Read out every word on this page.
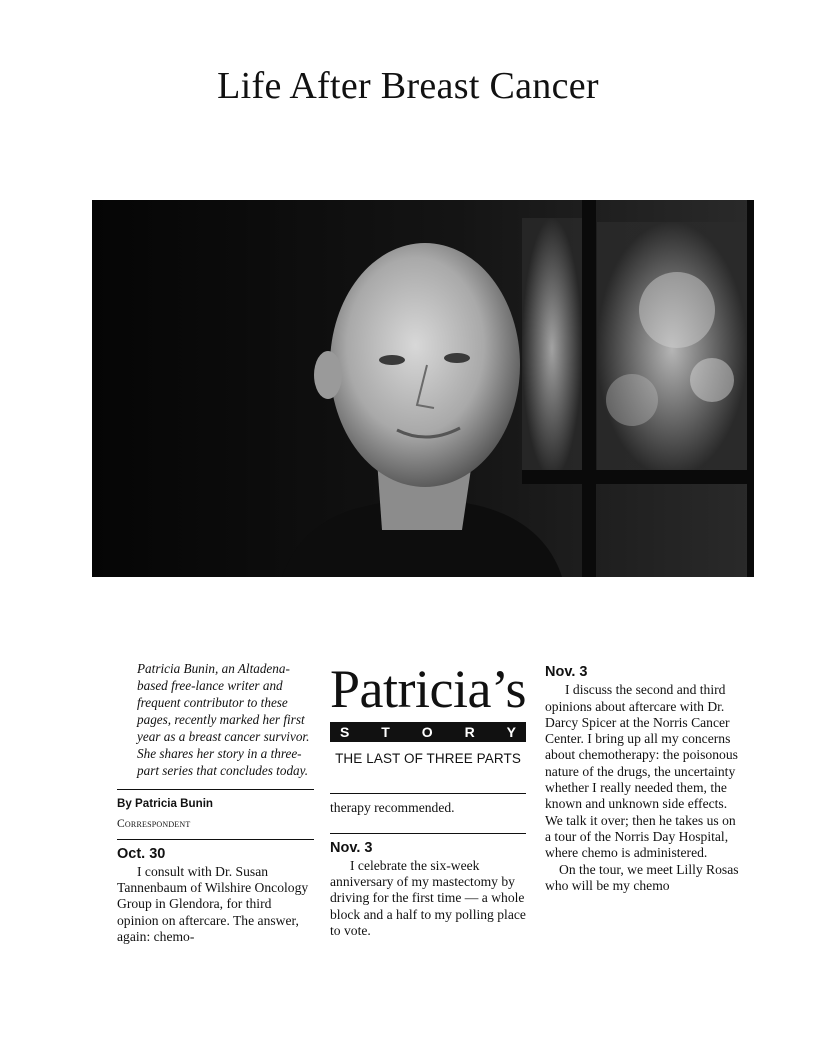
Life After Breast Cancer
Patricia Bunin, an Altadena-based free-lance writer and frequent contributor to these pages, recently marked her first year as a breast cancer survivor. She shares her story in a three-part series that concludes today.
By Patricia Bunin
Correspondent
Oct. 30

I consult with Dr. Susan Tannenbaum of Wilshire Oncology Group in Glendora, for third opinion on aftercare. The answer, again: chemo-

Patricia’s
S T O R Y
THE LAST OF THREE PARTS

therapy recommended.

Nov. 3

I celebrate the six-week anniversary of my mastectomy by driving for the first time — a whole block and a half to my polling place to vote.

Nov. 3

I discuss the second and third opinions about aftercare with Dr. Darcy Spicer at the Norris Cancer Center. I bring up all my concerns about chemotherapy: the poisonous nature of the drugs, the uncertainty whether I really needed them, the known and unknown side effects. We talk it over; then he takes us on a tour of the Norris Day Hospital, where chemo is administered.

On the tour, we meet Lilly Rosas who will be my chemo
